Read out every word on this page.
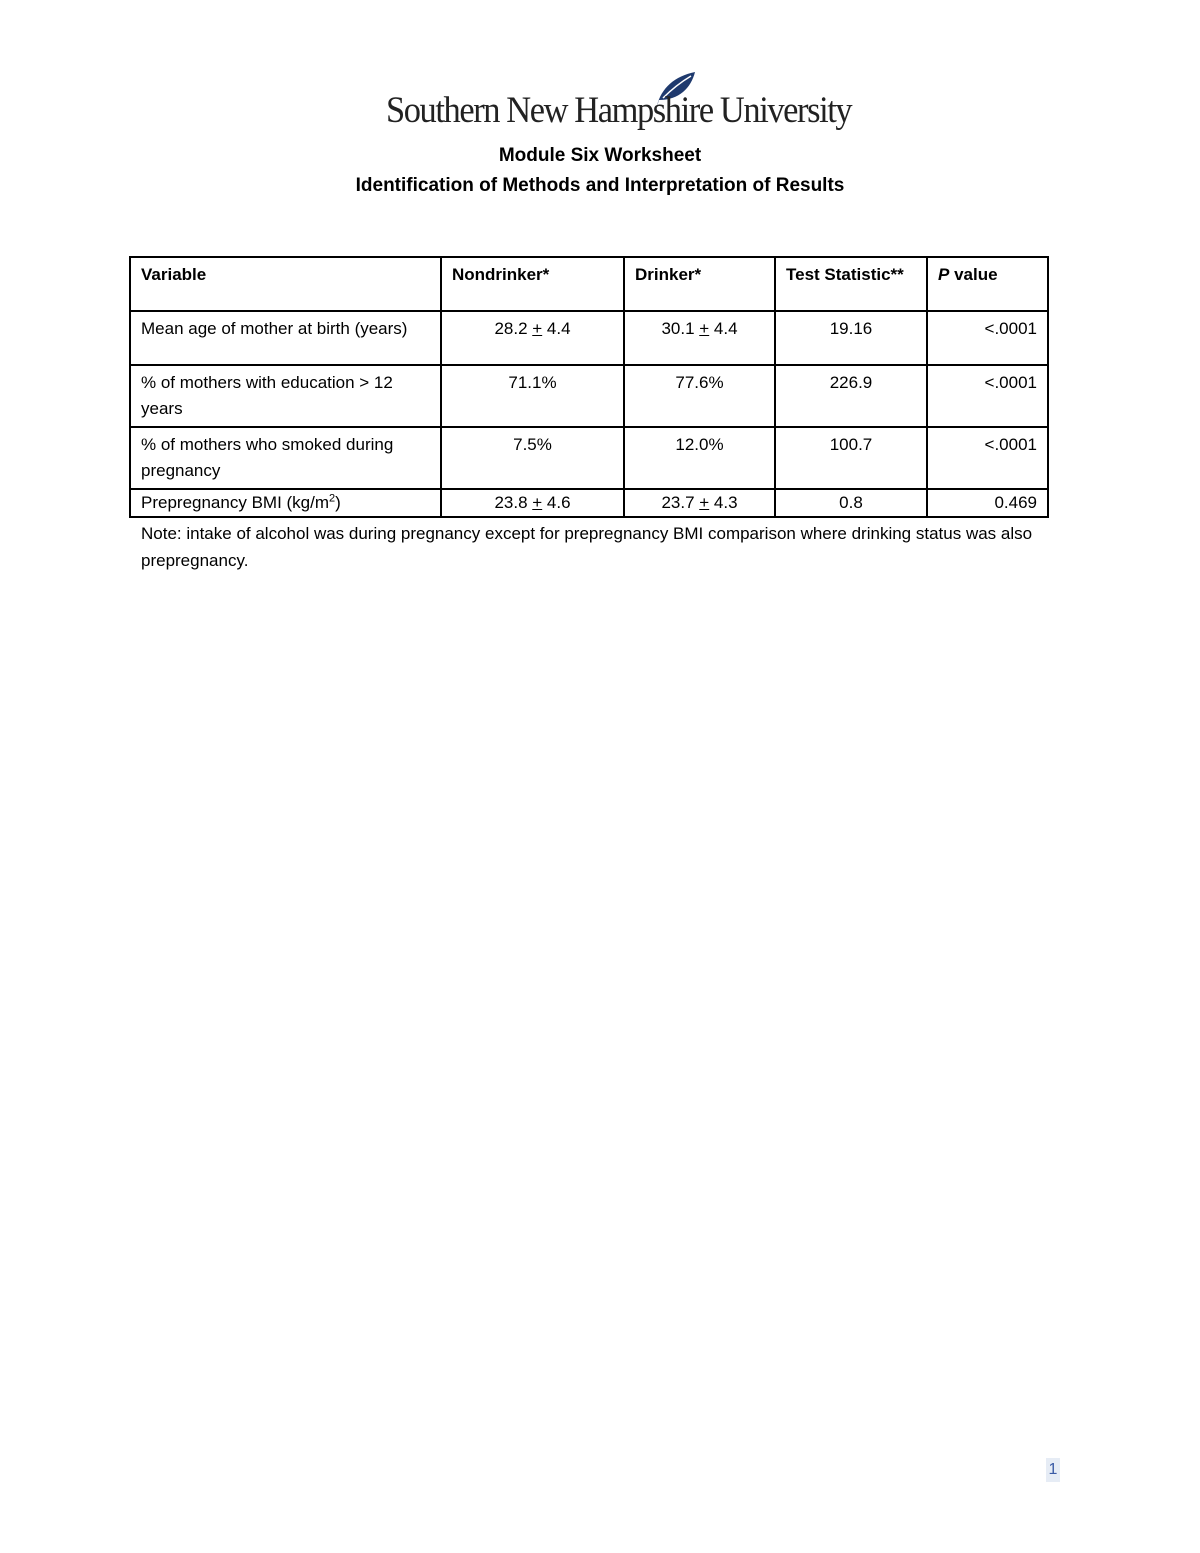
Southern New Hampshire University
Module Six Worksheet
Identification of Methods and Interpretation of Results
Variable	Nondrinker*	Drinker*	Test Statistic**	P value
Mean age of mother at birth (years)	28.2 + 4.4	30.1 + 4.4	19.16	<.0001
% of mothers with education > 12 years	71.1%	77.6%	226.9	<.0001
% of mothers who smoked during pregnancy	7.5%	12.0%	100.7	<.0001
Prepregnancy BMI $(kg/m^2)$	23.8 + 4.6	23.7 + 4.3	0.8	0.469
Note: intake of alcohol was during pregnancy except for prepregnancy BMI comparison where drinking status was also prepregnancy.
1
